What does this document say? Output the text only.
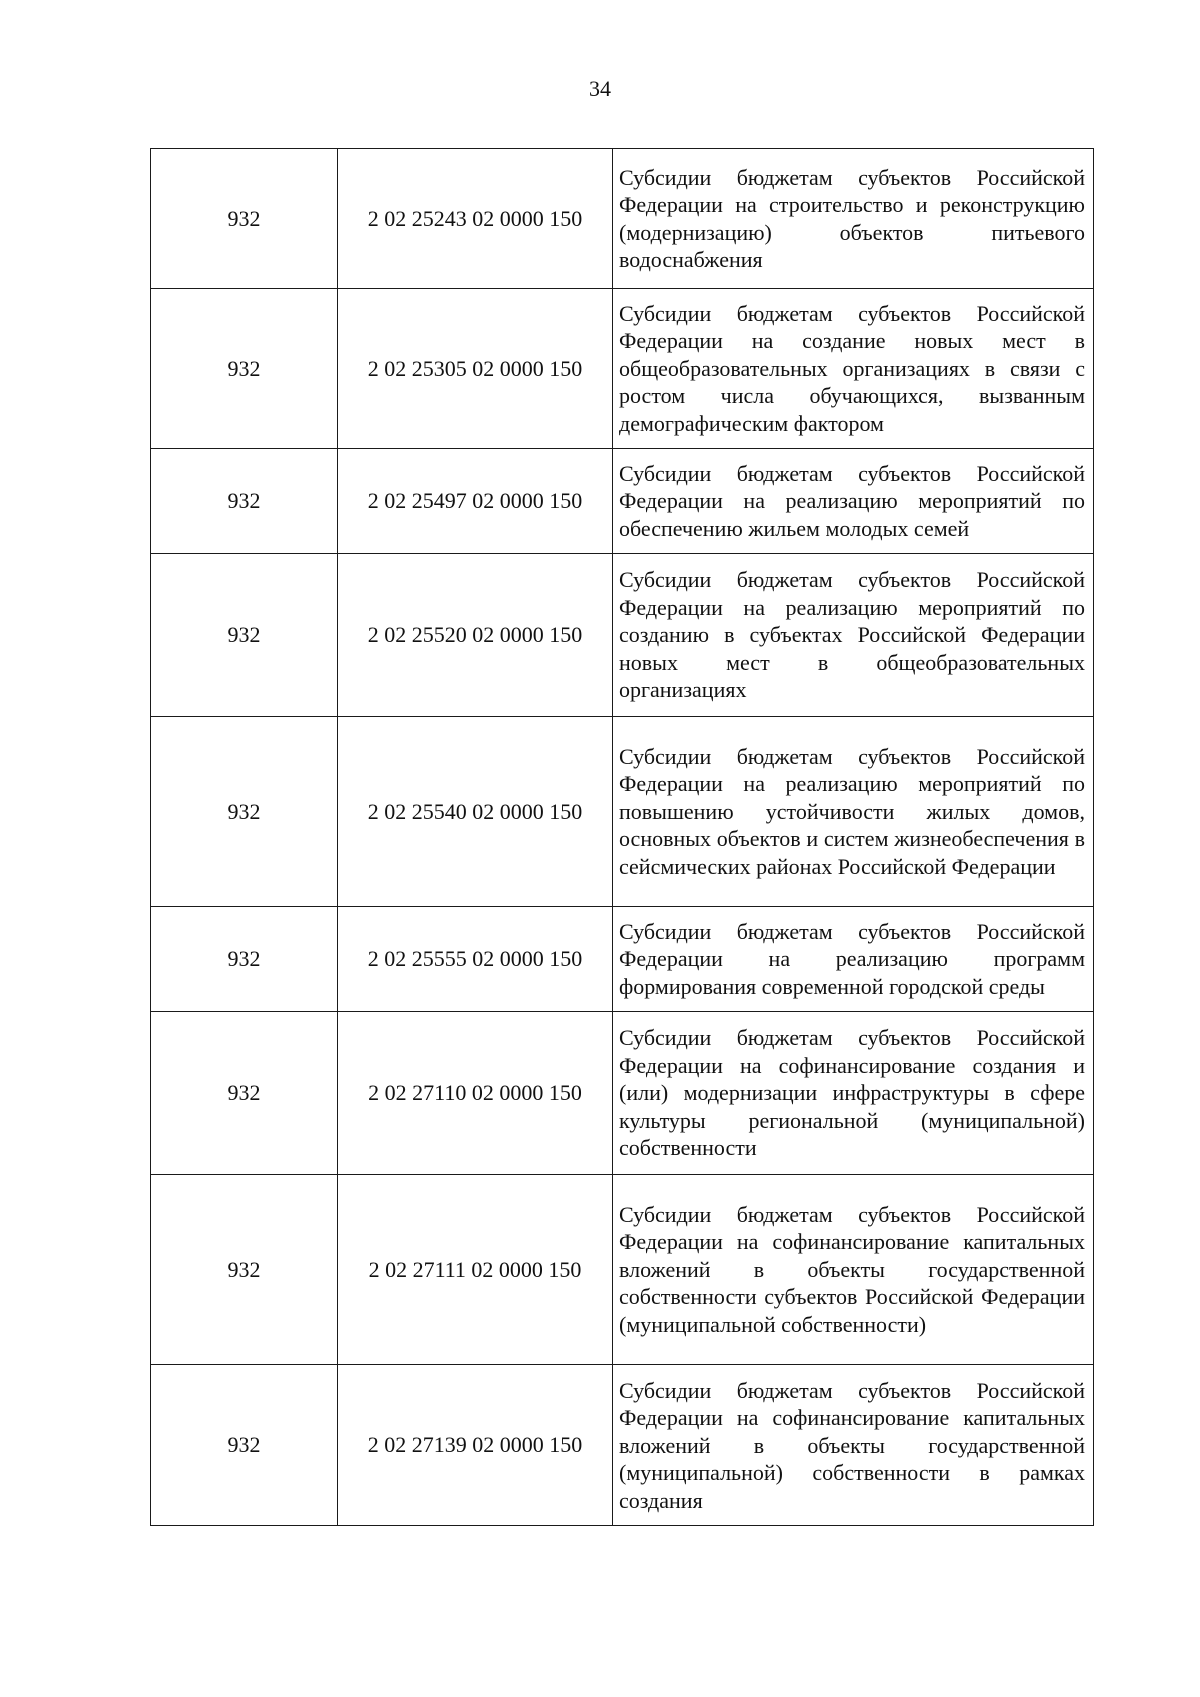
34
932	2 02 25243 02 0000 150	Субсидии бюджетам субъектов Российской Федерации на строительство и реконструкцию (модернизацию) объектов питьевого водоснабжения
932	2 02 25305 02 0000 150	Субсидии бюджетам субъектов Российской Федерации на создание новых мест в общеобразовательных организациях в связи с ростом числа обучающихся, вызванным демографическим фактором
932	2 02 25497 02 0000 150	Субсидии бюджетам субъектов Российской Федерации на реализацию мероприятий по обеспечению жильем молодых семей
932	2 02 25520 02 0000 150	Субсидии бюджетам субъектов Российской Федерации на реализацию мероприятий по созданию в субъектах Российской Федерации новых мест в общеобразовательных организациях
932	2 02 25540 02 0000 150	Субсидии бюджетам субъектов Российской Федерации на реализацию мероприятий по повышению устойчивости жилых домов, основных объектов и систем жизнеобеспечения в сейсмических районах Российской Федерации
932	2 02 25555 02 0000 150	Субсидии бюджетам субъектов Российской Федерации на реализацию программ формирования современной городской среды
932	2 02 27110 02 0000 150	Субсидии бюджетам субъектов Российской Федерации на софинансирование создания и (или) модернизации инфраструктуры в сфере культуры региональной (муниципальной) собственности
932	2 02 27111 02 0000 150	Субсидии бюджетам субъектов Российской Федерации на софинансирование капитальных вложений в объекты государственной собственности субъектов Российской Федерации (муниципальной собственности)
932	2 02 27139 02 0000 150	Субсидии бюджетам субъектов Российской Федерации на софинансирование капитальных вложений в объекты государственной (муниципальной) собственности в рамках создания
